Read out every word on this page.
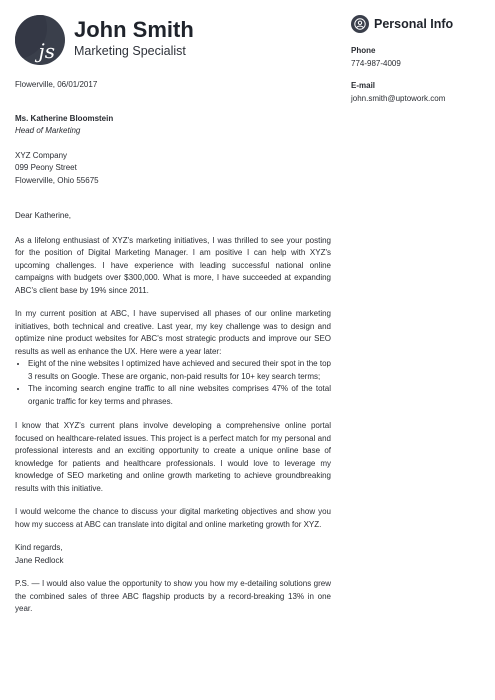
js
John Smith
Marketing Specialist
Personal Info
Phone
774-987-4009
E-mail
john.smith@uptowork.com

Flowerville, 06/01/2017

Ms. Katherine Bloomstein

Head of Marketing

XYZ Company

099 Peony Street

Flowerville, Ohio 55675

Dear Katherine,

As a lifelong enthusiast of XYZ's marketing initiatives, I was thrilled to see your posting for the position of Digital Marketing Manager. I am positive I can help with XYZ's upcoming challenges. I have experience with leading successful national online campaigns with budgets over $300,000. What is more, I have succeeded at expanding ABC's client base by 19% since 2011.

In my current position at ABC, I have supervised all phases of our online marketing initiatives, both technical and creative. Last year, my key challenge was to design and optimize nine product websites for ABC's most strategic products and improve our SEO results as well as enhance the UX. Here were a year later:

• Eight of the nine websites I optimized have achieved and secured their spot in the top 3 results on Google. These are organic, non-paid results for 10+ key search terms;
• The incoming search engine traffic to all nine websites comprises 47% of the total organic traffic for key terms and phrases.

I know that XYZ's current plans involve developing a comprehensive online portal focused on healthcare-related issues. This project is a perfect match for my personal and professional interests and an exciting opportunity to create a unique online base of knowledge for patients and healthcare professionals. I would love to leverage my knowledge of SEO marketing and online growth marketing to achieve groundbreaking results with this initiative.

I would welcome the chance to discuss your digital marketing objectives and show you how my success at ABC can translate into digital and online marketing growth for XYZ.

Kind regards,

Jane Redlock

P.S. — I would also value the opportunity to show you how my e-detailing solutions grew the combined sales of three ABC flagship products by a record-breaking 13% in one year.
